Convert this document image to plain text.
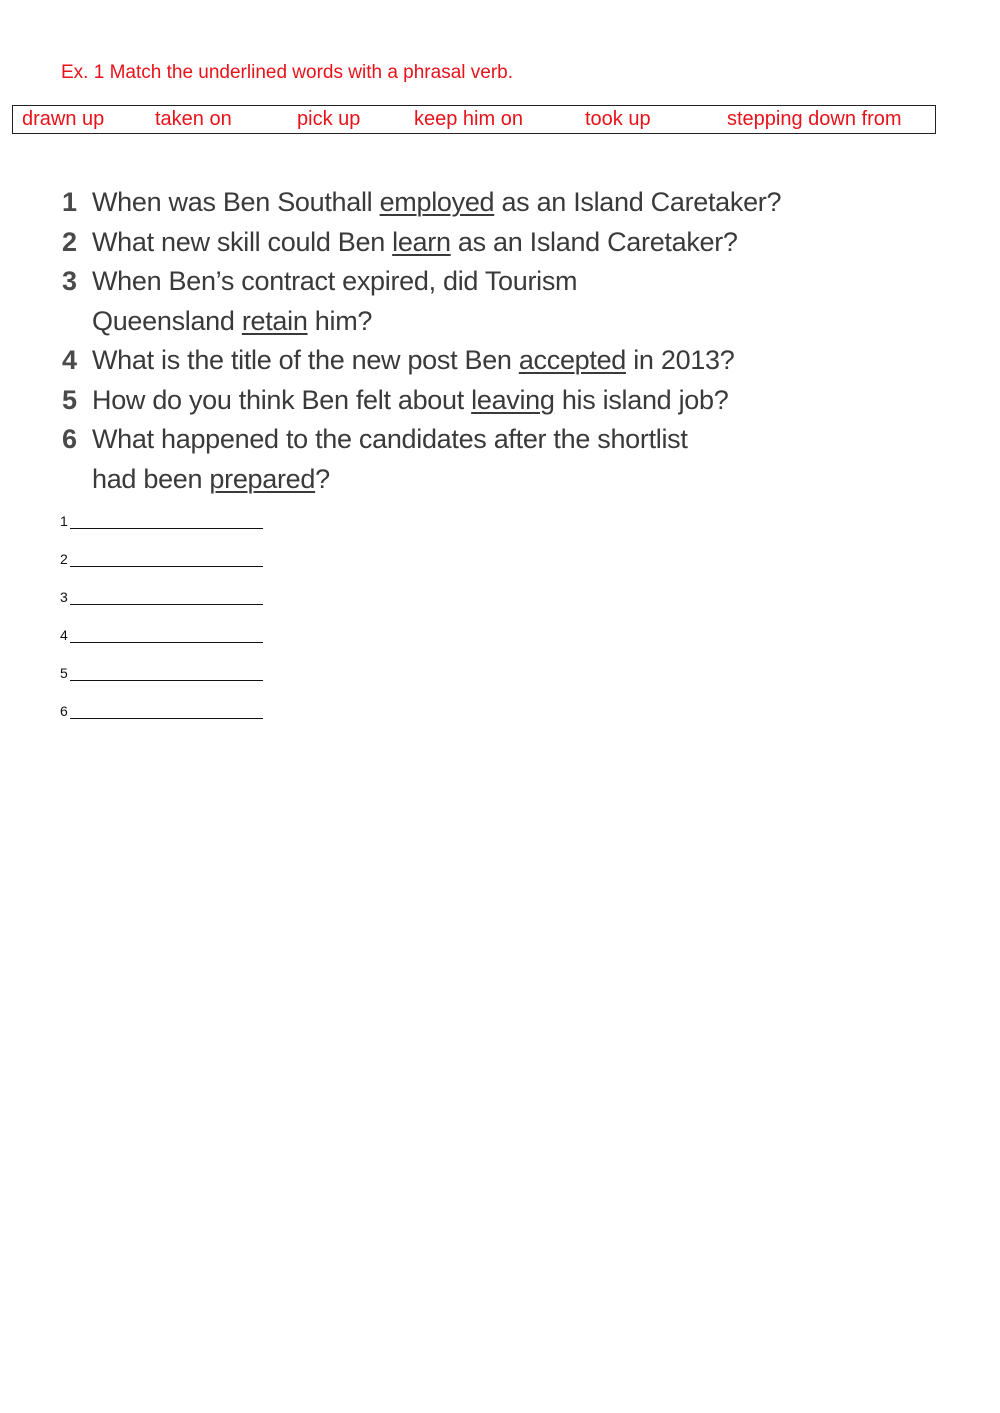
Ex. 1 Match the underlined words with a phrasal verb.
drawn up	taken on	pick up	keep him on	took up	stepping down from
1 When was Ben Southall employed as an Island Caretaker?
2 What new skill could Ben learn as an Island Caretaker?
3 When Ben’s contract expired, did Tourism
Queensland retain him?
4 What is the title of the new post Ben accepted in 2013?
5 How do you think Ben felt about leaving his island job?
6 What happened to the candidates after the shortlist
had been prepared?
1
2
3
4
5
6
